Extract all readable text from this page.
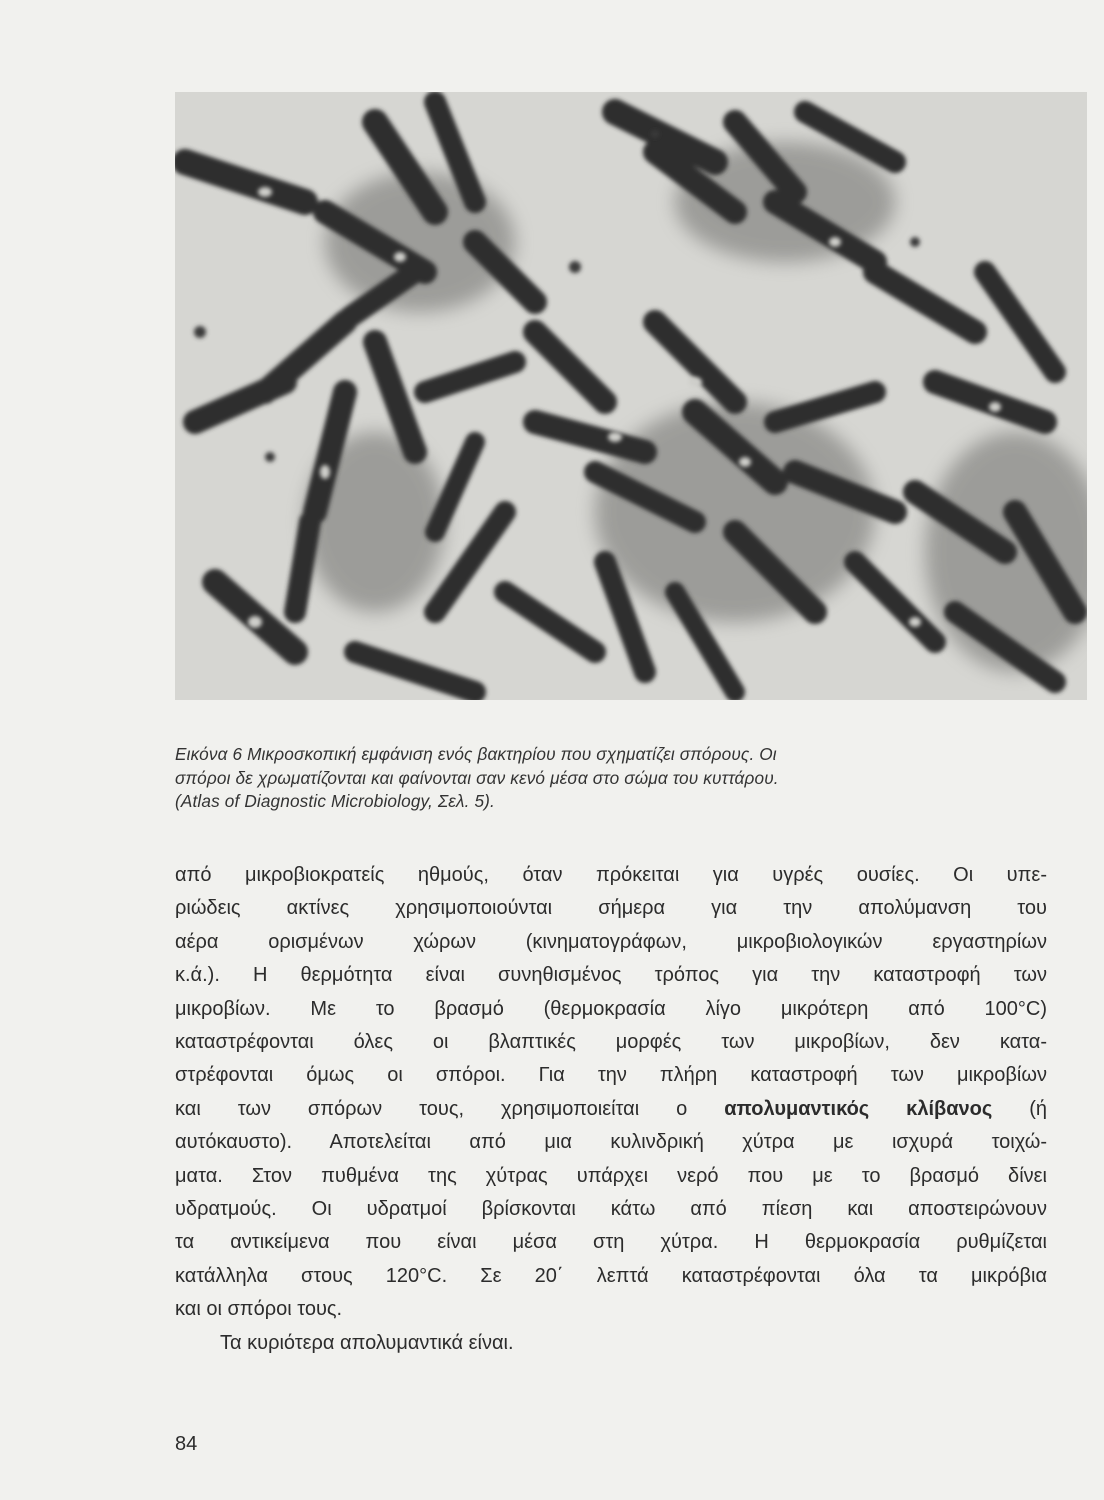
Εικόνα 6 Μικροσκοπική εμφάνιση ενός βακτηρίου που σχηματίζει σπόρους. Οι
σπόροι δε χρωματίζονται και φαίνονται σαν κενό μέσα στο σώμα του κυττάρου.
(Atlas of Diagnostic Microbiology, Σελ. 5).
από μικροβιοκρατείς ηθμούς, όταν πρόκειται για υγρές ουσίες. Οι υπε-
ριώδεις ακτίνες χρησιμοποιούνται σήμερα για την απολύμανση του
αέρα ορισμένων χώρων (κινηματογράφων, μικροβιολογικών εργαστηρίων
κ.ά.). Η θερμότητα είναι συνηθισμένος τρόπος για την καταστροφή των
μικροβίων. Με το βρασμό (θερμοκρασία λίγο μικρότερη από 100°C)
καταστρέφονται όλες οι βλαπτικές μορφές των μικροβίων, δεν κατα-
στρέφονται όμως οι σπόροι. Για την πλήρη καταστροφή των μικροβίων
και των σπόρων τους, χρησιμοποιείται ο απολυμαντικός κλίβανος (ή
αυτόκαυστο). Αποτελείται από μια κυλινδρική χύτρα με ισχυρά τοιχώ-
ματα. Στον πυθμένα της χύτρας υπάρχει νερό που με το βρασμό δίνει
υδρατμούς. Οι υδρατμοί βρίσκονται κάτω από πίεση και αποστειρώνουν
τα αντικείμενα που είναι μέσα στη χύτρα. Η θερμοκρασία ρυθμίζεται
κατάλληλα στους 120°C. Σε 20΄ λεπτά καταστρέφονται όλα τα μικρόβια
και οι σπόροι τους.
Τα κυριότερα απολυμαντικά είναι.
84
